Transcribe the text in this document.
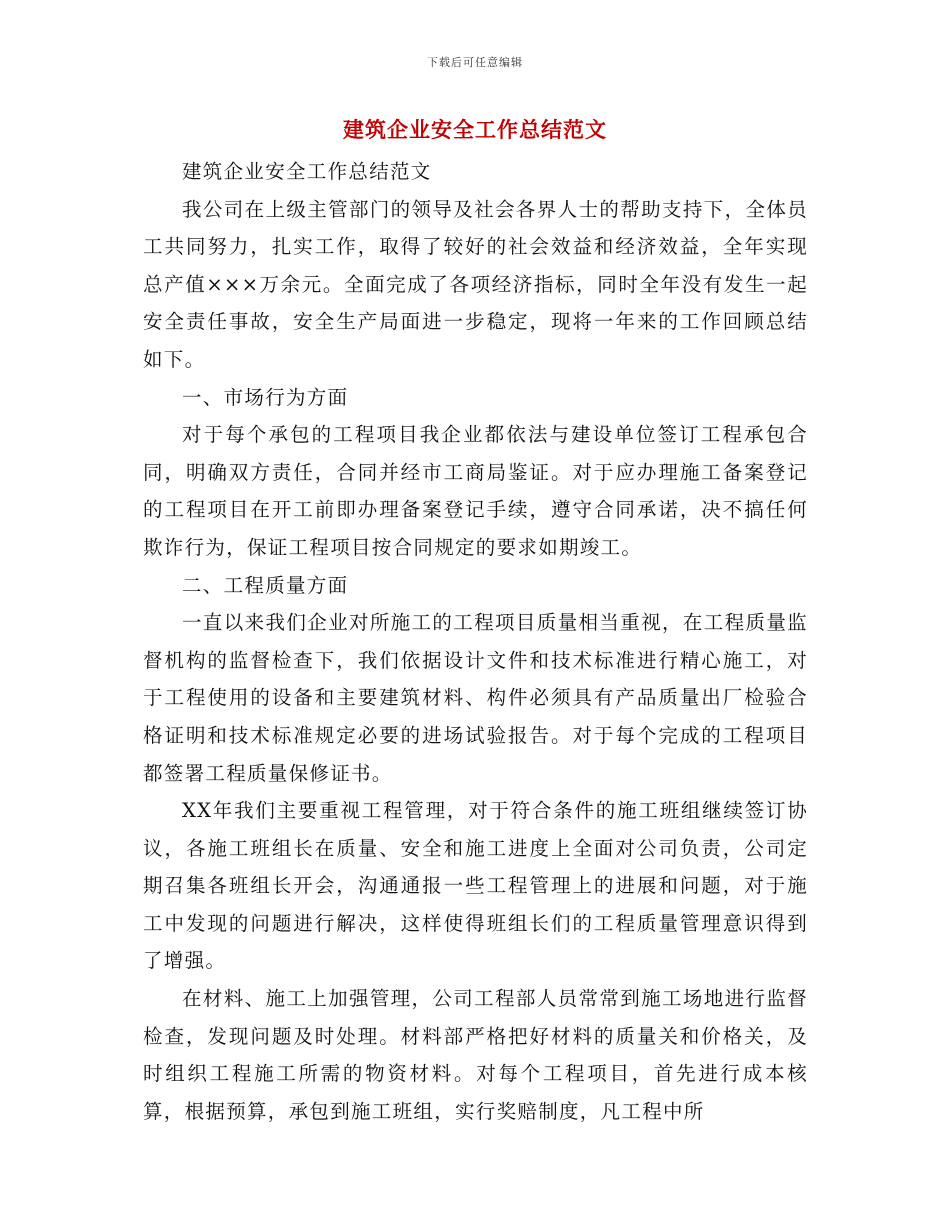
下载后可任意编辑
建筑企业安全工作总结范文

建筑企业安全工作总结范文

我公司在上级主管部门的领导及社会各界人士的帮助支持下，全体员工共同努力，扎实工作，取得了较好的社会效益和经济效益，全年实现总产值×××万余元。全面完成了各项经济指标，同时全年没有发生一起安全责任事故，安全生产局面进一步稳定，现将一年来的工作回顾总结如下。

一、市场行为方面

对于每个承包的工程项目我企业都依法与建设单位签订工程承包合同，明确双方责任，合同并经市工商局鉴证。对于应办理施工备案登记的工程项目在开工前即办理备案登记手续，遵守合同承诺，决不搞任何欺诈行为，保证工程项目按合同规定的要求如期竣工。

二、工程质量方面

一直以来我们企业对所施工的工程项目质量相当重视，在工程质量监督机构的监督检查下，我们依据设计文件和技术标准进行精心施工，对于工程使用的设备和主要建筑材料、构件必须具有产品质量出厂检验合格证明和技术标准规定必要的进场试验报告。对于每个完成的工程项目都签署工程质量保修证书。

XX年我们主要重视工程管理，对于符合条件的施工班组继续签订协议，各施工班组长在质量、安全和施工进度上全面对公司负责，公司定期召集各班组长开会，沟通通报一些工程管理上的进展和问题，对于施工中发现的问题进行解决，这样使得班组长们的工程质量管理意识得到了增强。

在材料、施工上加强管理，公司工程部人员常常到施工场地进行监督检查，发现问题及时处理。材料部严格把好材料的质量关和价格关，及时组织工程施工所需的物资材料。对每个工程项目，首先进行成本核算，根据预算，承包到施工班组，实行奖赔制度，凡工程中所
